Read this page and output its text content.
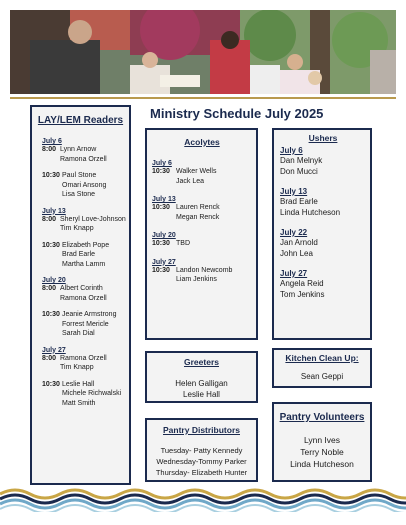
Ministry Schedule July 2025
LAY/LEM Readers
July 6
8:00 Lynn Arnow
Ramona Orzell
10:30 Paul Stone
Omari Ansong
Lisa Stone
July 13
8:00 Sheryl Love-Johnson
Tim Knapp
10:30 Elizabeth Pope
Brad Earle
Martha Lamm
July 20
8:00 Albert Corinth
Ramona Orzell
10:30 Jeanie Armstrong
Forrest Mericle
Sarah Dial
July 27
8:00 Ramona Orzell
Tim Knapp
10:30 Leslie Hall
Michele Richwalski
Matt Smith
Acolytes
July 6
10:30 Walker Wells
Jack Lea
July 13
10:30 Lauren Renck
Megan Renck
July 20
10:30 TBD
July 27
10:30 Landon Newcomb
Liam Jenkins
Ushers
July 6
Dan Melnyk
Don Mucci
July 13
Brad Earle
Linda Hutcheson
July 22
Jan Arnold
John Lea
July 27
Angela Reid
Tom Jenkins
Greeters
Helen Galligan
Leslie Hall
Kitchen Clean Up:
Sean Geppi
Pantry Distributors
Tuesday- Patty Kennedy
Wednesday-Tommy Parker
Thursday- Elizabeth Hunter
Pantry Volunteers
Lynn Ives
Terry Noble
Linda Hutcheson
